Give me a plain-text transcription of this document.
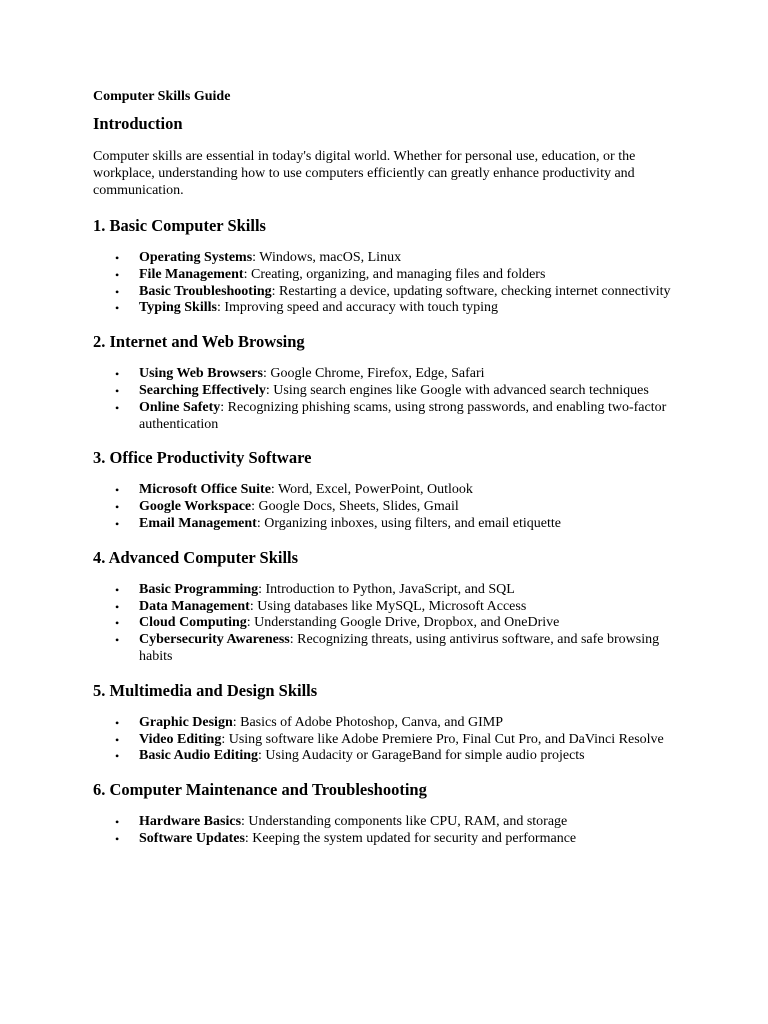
Computer Skills Guide
Introduction

Computer skills are essential in today's digital world. Whether for personal use, education, or the workplace, understanding how to use computers efficiently can greatly enhance productivity and communication.

1. Basic Computer Skills
• Operating Systems: Windows, macOS, Linux
• File Management: Creating, organizing, and managing files and folders
• Basic Troubleshooting: Restarting a device, updating software, checking internet connectivity
• Typing Skills: Improving speed and accuracy with touch typing
2. Internet and Web Browsing
• Using Web Browsers: Google Chrome, Firefox, Edge, Safari
• Searching Effectively: Using search engines like Google with advanced search techniques
• Online Safety: Recognizing phishing scams, using strong passwords, and enabling two-factor authentication
3. Office Productivity Software
• Microsoft Office Suite: Word, Excel, PowerPoint, Outlook
• Google Workspace: Google Docs, Sheets, Slides, Gmail
• Email Management: Organizing inboxes, using filters, and email etiquette
4. Advanced Computer Skills
• Basic Programming: Introduction to Python, JavaScript, and SQL
• Data Management: Using databases like MySQL, Microsoft Access
• Cloud Computing: Understanding Google Drive, Dropbox, and OneDrive
• Cybersecurity Awareness: Recognizing threats, using antivirus software, and safe browsing habits
5. Multimedia and Design Skills
• Graphic Design: Basics of Adobe Photoshop, Canva, and GIMP
• Video Editing: Using software like Adobe Premiere Pro, Final Cut Pro, and DaVinci Resolve
• Basic Audio Editing: Using Audacity or GarageBand for simple audio projects
6. Computer Maintenance and Troubleshooting
• Hardware Basics: Understanding components like CPU, RAM, and storage
• Software Updates: Keeping the system updated for security and performance
